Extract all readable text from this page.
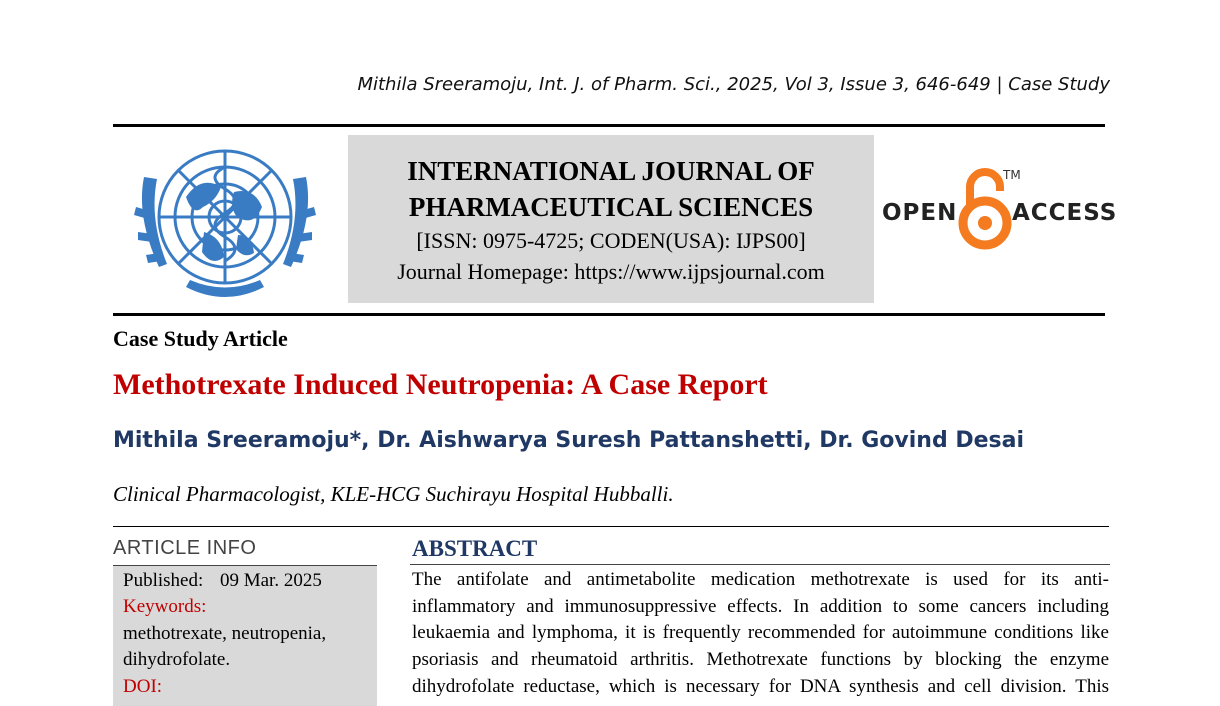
Mithila Sreeramoju, Int. J. of Pharm. Sci., 2025, Vol 3, Issue 3, 646-649 | Case Study
INTERNATIONAL JOURNAL OF
PHARMACEUTICAL SCIENCES
[ISSN: 0975-4725; CODEN(USA): IJPS00]
Journal Homepage: https://www.ijpsjournal.com
OPEN
TM
ACCESS
Case Study Article
Methotrexate Induced Neutropenia: A Case Report
Mithila Sreeramoju*, Dr. Aishwarya Suresh Pattanshetti, Dr. Govind Desai
Clinical Pharmacologist, KLE-HCG Suchirayu Hospital Hubballi.
ARTICLE INFO
Published: 09 Mar. 2025
Keywords:
methotrexate, neutropenia,
dihydrofolate.
DOI:
ABSTRACT
The antifolate and antimetabolite medication methotrexate is used for its anti-
inflammatory and immunosuppressive effects. In addition to some cancers including
leukaemia and lymphoma, it is frequently recommended for autoimmune conditions like
psoriasis and rheumatoid arthritis. Methotrexate functions by blocking the enzyme
dihydrofolate reductase, which is necessary for DNA synthesis and cell division. This
